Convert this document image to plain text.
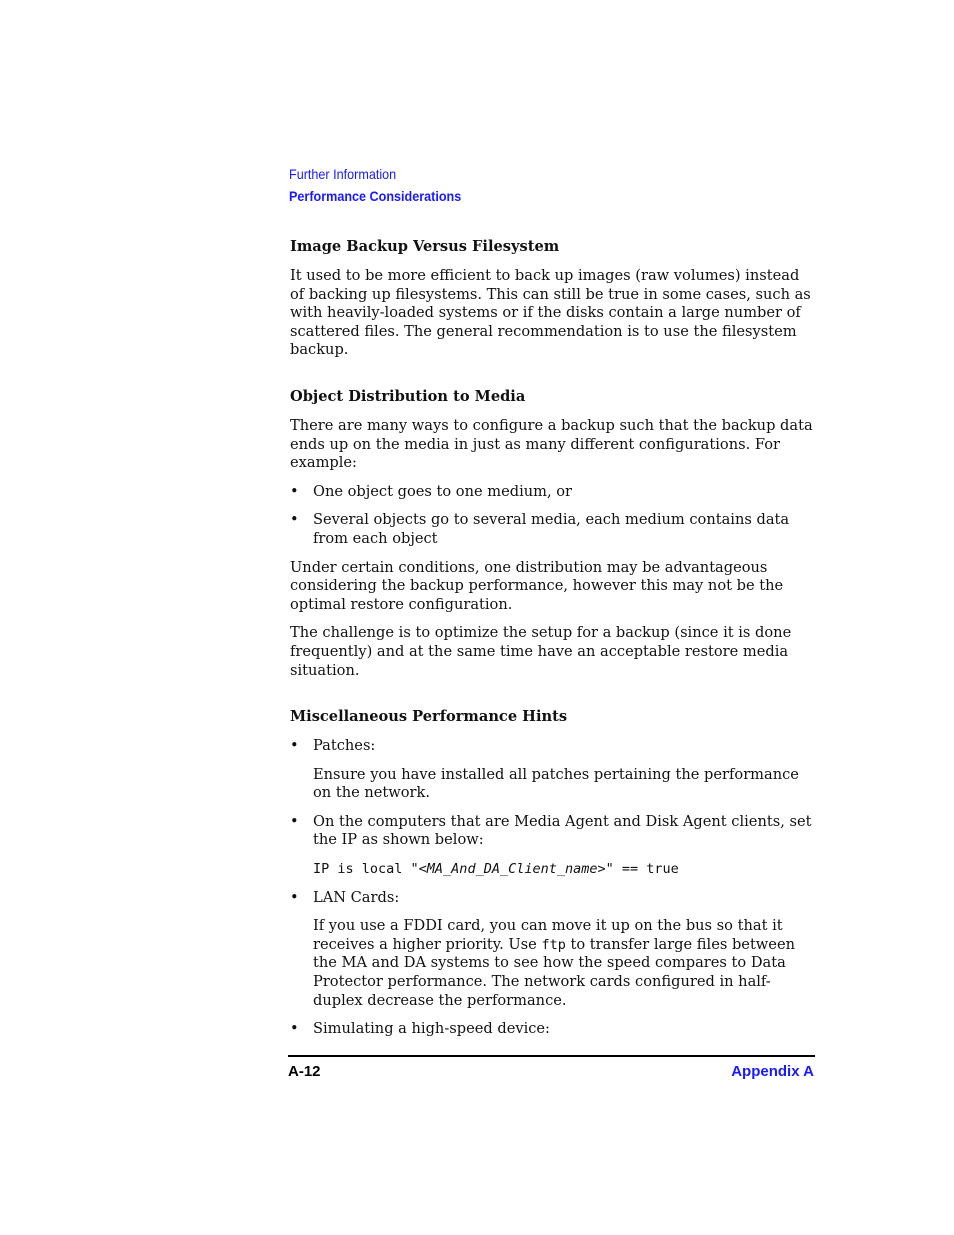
Further Information
Performance Considerations
Image Backup Versus Filesystem

It used to be more efficient to back up images (raw volumes) instead of backing up filesystems. This can still be true in some cases, such as with heavily-loaded systems or if the disks contain a large number of scattered files. The general recommendation is to use the filesystem backup.

Object Distribution to Media

There are many ways to configure a backup such that the backup data ends up on the media in just as many different configurations. For example:

• One object goes to one medium, or
• Several objects go to several media, each medium contains data from each object

Under certain conditions, one distribution may be advantageous considering the backup performance, however this may not be the optimal restore configuration.

The challenge is to optimize the setup for a backup (since it is done frequently) and at the same time have an acceptable restore media situation.

Miscellaneous Performance Hints
• Patches:

Ensure you have installed all patches pertaining the performance on the network.

• On the computers that are Media Agent and Disk Agent clients, set the IP as shown below:
IP is local "<MA_And_DA_Client_name>" == true
• LAN Cards:

If you use a FDDI card, you can move it up on the bus so that it receives a higher priority. Use ftp to transfer large files between the MA and DA systems to see how the speed compares to Data Protector performance. The network cards configured in half-duplex decrease the performance.

• Simulating a high-speed device:
A-12	Appendix A
